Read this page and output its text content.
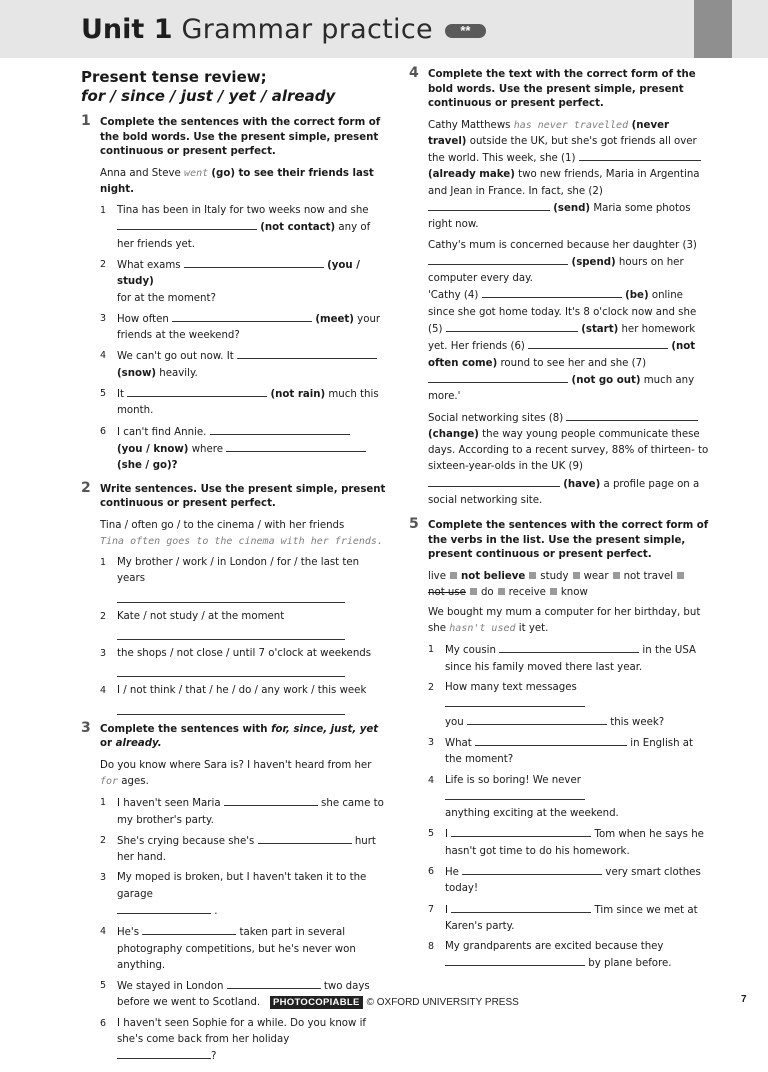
Unit 1 Grammar practice	**
Present tense review;
for / since / just / yet / already
1 Complete the sentences with the correct form of the bold words. Use the present simple, present continuous or present perfect.
Anna and Steve went (go) to see their friends last night.
1 Tina has been in Italy for two weeks now and she
(not contact) any of her friends yet.
2 What exams	(you / study)
for at the moment?
3 How often	(meet) your friends at the weekend?
4 We can't go out now. It
(snow) heavily.
5 It	(not rain) much this month.
6 I can't find Annie.
(you / know) where
(she / go)?
2 Write sentences. Use the present simple, present continuous or present perfect.
Tina / often go / to the cinema / with her friends
Tina often goes to the cinema with her friends.
1 My brother / work / in London / for / the last ten years
2 Kate / not study / at the moment
3 the shops / not close / until 7 o'clock at weekends
4 I / not think / that / he / do / any work / this week
3 Complete the sentences with for, since, just, yet or already.
Do you know where Sara is? I haven't heard from her for ages.
1 I haven't seen Maria	she came to my brother's party.
2 She's crying because she's	hurt her hand.
3 My moped is broken, but I haven't taken it to the garage
.
4 He's	taken part in several photography competitions, but he's never won anything.
5 We stayed in London	two days before we went to Scotland.
6 I haven't seen Sophie for a while. Do you know if she's come back from her holiday ?
4 Complete the text with the correct form of the bold words. Use the present simple, present continuous or present perfect.
Cathy Matthews has never travelled (never travel) outside the UK, but she's got friends all over the world. This week, she (1)  (already make) two new friends, Maria in Argentina and Jean in France. In fact, she (2)  (send) Maria some photos right now.
Cathy's mum is concerned because her daughter (3)  (spend) hours on her computer every day.
'Cathy (4)	(be) online since she got home today. It's 8 o'clock now and she (5)	(start) her homework yet. Her friends (6)	(not often come) round to see her and she (7)  (not go out) much any more.'
Social networking sites (8)  (change) the way young people communicate these days. According to a recent survey, 88% of thirteen- to sixteen-year-olds in the UK (9)  (have) a profile page on a social networking site.
5 Complete the sentences with the correct form of the verbs in the list. Use the present simple, present continuous or present perfect.
live not believe study wear not travel
not use do receive know
We bought my mum a computer for her birthday, but she hasn't used it yet.
1 My cousin	in the USA since his family moved there last year.
2 How many text messages
you	this week?
3 What	in English at the moment?
4 Life is so boring! We never
anything exciting at the weekend.
5 I	Tom when he says he hasn't got time to do his homework.
6 He	very smart clothes today!
7 I	Tim since we met at Karen's party.
8 My grandparents are excited because they
by plane before.
PHOTOCOPIABLE © OXFORD UNIVERSITY PRESS	7
